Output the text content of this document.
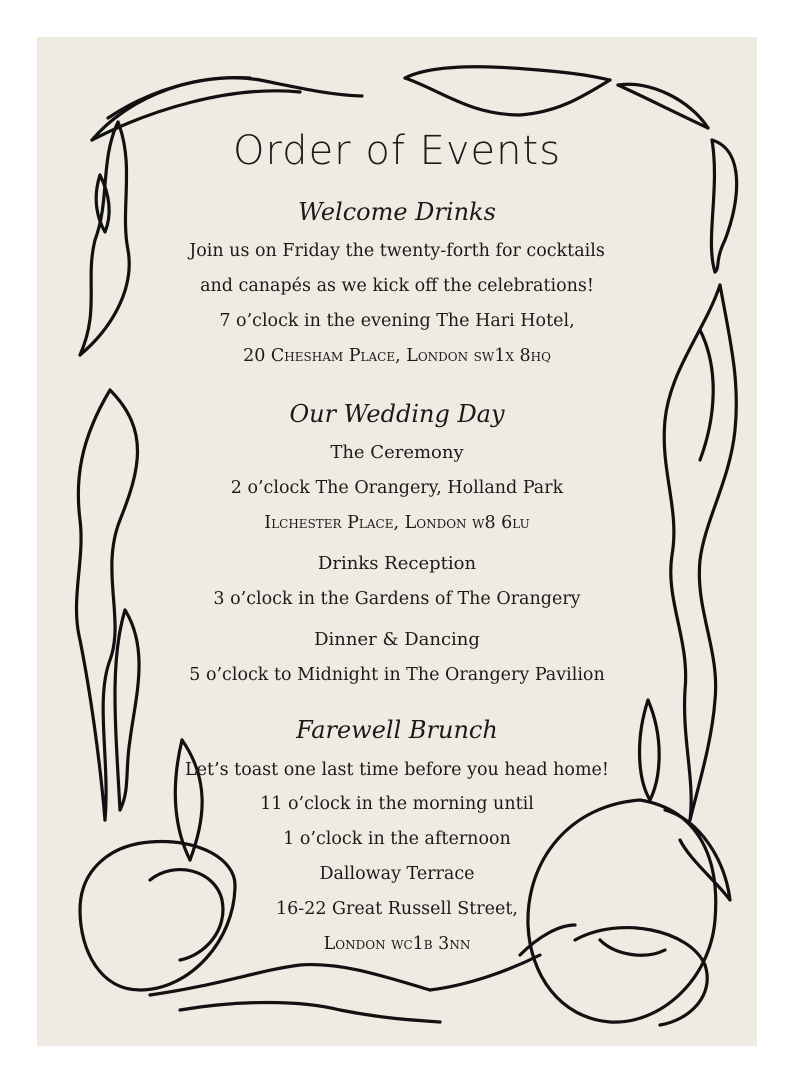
Order of Events
Welcome Drinks
Join us on Friday the twenty-forth for cocktails
and canapés as we kick off the celebrations!
7 o’clock in the evening The Hari Hotel,
20 Chesham Place, London sw1x 8hq
Our Wedding Day
The Ceremony
2 o’clock The Orangery, Holland Park
Ilchester Place, London w8 6lu
Drinks Reception
3 o’clock in the Gardens of The Orangery
Dinner & Dancing
5 o’clock to Midnight in The Orangery Pavilion
Farewell Brunch
Let’s toast one last time before you head home!
11 o’clock in the morning until
1 o’clock in the afternoon
Dalloway Terrace
16-22 Great Russell Street,
London wc1b 3nn
